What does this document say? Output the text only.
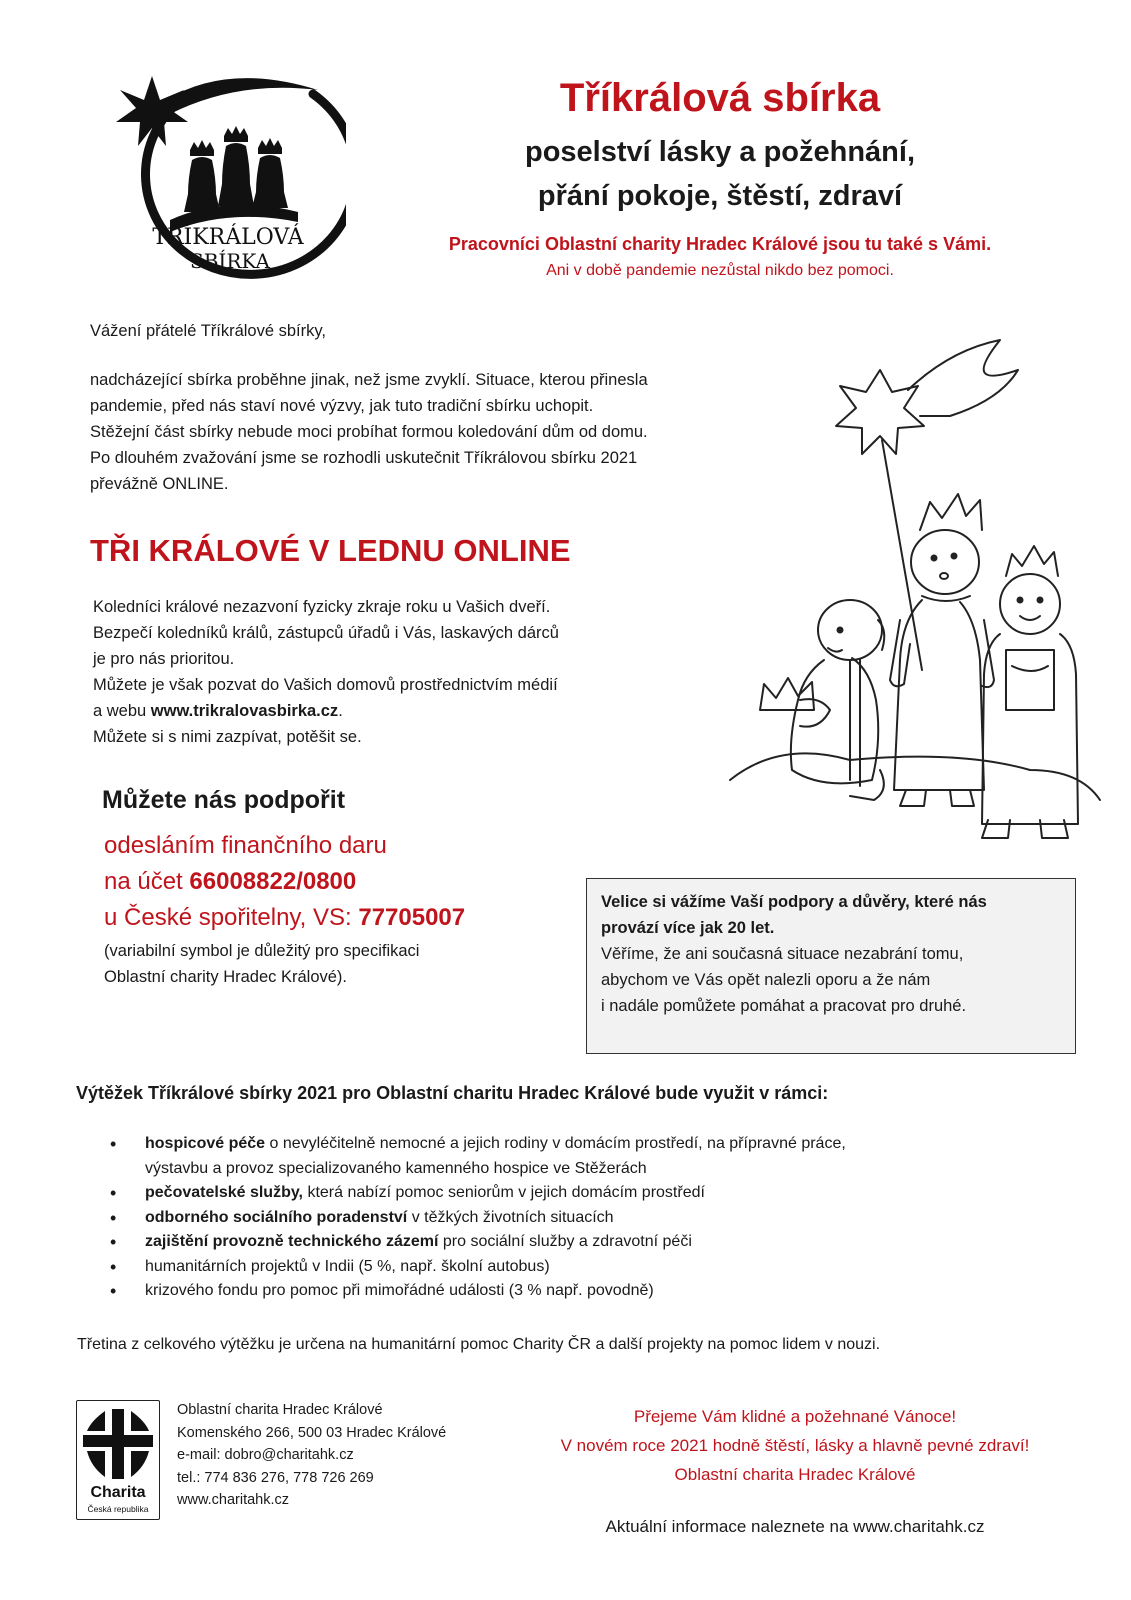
TŘÍKRÁLOVÁ
SBÍRKA
Tříkrálová sbírka
poselství lásky a požehnání,
přání pokoje, štěstí, zdraví
Pracovníci Oblastní charity Hradec Králové jsou tu také s Vámi.
Ani v době pandemie nezůstal nikdo bez pomoci.
Vážení přátelé Tříkrálové sbírky,
nadcházející sbírka proběhne jinak, než jsme zvyklí. Situace, kterou přinesla
pandemie, před nás staví nové výzvy, jak tuto tradiční sbírku uchopit.
Stěžejní část sbírky nebude moci probíhat formou koledování dům od domu.
Po dlouhém zvažování jsme se rozhodli uskutečnit Tříkrálovou sbírku 2021
převážně ONLINE.
TŘI KRÁLOVÉ V LEDNU ONLINE
Koledníci králové nezazvoní fyzicky zkraje roku u Vašich dveří.
Bezpečí koledníků králů, zástupců úřadů i Vás, laskavých dárců
je pro nás prioritou.
Můžete je však pozvat do Vašich domovů prostřednictvím médií
a webu www.trikralovasbirka.cz.
Můžete si s nimi zazpívat, potěšit se.
Můžete nás podpořit
odesláním finančního daru
na účet 66008822/0800
u České spořitelny, VS: 77705007
(variabilní symbol je důležitý pro specifikaci
Oblastní charity Hradec Králové).
Velice si vážíme Vaší podpory a důvěry, které nás
provází více jak 20 let.
Věříme, že ani současná situace nezabrání tomu,
abychom ve Vás opět nalezli oporu a že nám
i nadále pomůžete pomáhat a pracovat pro druhé.
Výtěžek Tříkrálové sbírky 2021 pro Oblastní charitu Hradec Králové bude využit v rámci:
• hospicové péče o nevyléčitelně nemocné a jejich rodiny v domácím prostředí, na přípravné práce,
výstavbu a provoz specializovaného kamenného hospice ve Stěžerách
• pečovatelské služby, která nabízí pomoc seniorům v jejich domácím prostředí
• odborného sociálního poradenství v těžkých životních situacích
• zajištění provozně technického zázemí pro sociální služby a zdravotní péči
• humanitárních projektů v Indii (5 %, např. školní autobus)
• krizového fondu pro pomoc při mimořádné události (3 % např. povodně)
Třetina z celkového výtěžku je určena na humanitární pomoc Charity ČR a další projekty na pomoc lidem v nouzi.
Charita
Česká republika
Oblastní charita Hradec Králové
Komenského 266, 500 03 Hradec Králové
e-mail: dobro@charitahk.cz
tel.: 774 836 276, 778 726 269
www.charitahk.cz
Přejeme Vám klidné a požehnané Vánoce!
V novém roce 2021 hodně štěstí, lásky a hlavně pevné zdraví!
Oblastní charita Hradec Králové
Aktuální informace naleznete na www.charitahk.cz
